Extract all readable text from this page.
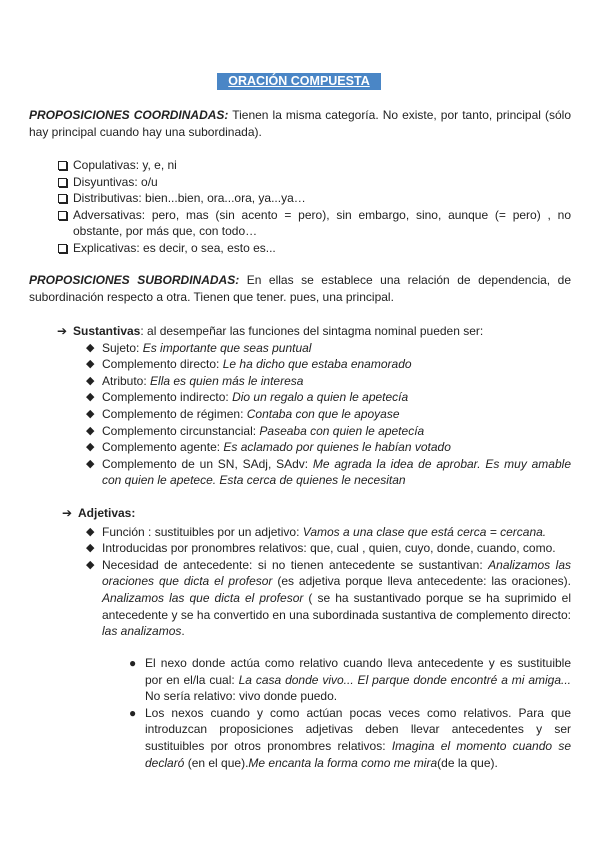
ORACIÓN COMPUESTA
PROPOSICIONES COORDINADAS: Tienen la misma categoría. No existe, por tanto, principal (sólo hay principal cuando hay una subordinada).
Copulativas: y, e, ni
Disyuntivas: o/u
Distributivas: bien...bien, ora...ora, ya...ya…
Adversativas: pero, mas (sin acento = pero), sin embargo, sino, aunque (= pero) , no obstante, por más que, con todo…
Explicativas: es decir, o sea, esto es...
PROPOSICIONES SUBORDINADAS: En ellas se establece una relación de dependencia, de subordinación respecto a otra. Tienen que tener. pues, una principal.
➔ Sustantivas: al desempeñar las funciones del sintagma nominal pueden ser:
◆ Sujeto: Es importante que seas puntual
◆ Complemento directo: Le ha dicho que estaba enamorado
◆ Atributo: Ella es quien más le interesa
◆ Complemento indirecto: Dio un regalo a quien le apetecía
◆ Complemento de régimen: Contaba con que le apoyase
◆ Complemento circunstancial: Paseaba con quien le apetecía
◆ Complemento agente: Es aclamado por quienes le habían votado
◆ Complemento de un SN, SAdj, SAdv: Me agrada la idea de aprobar. Es muy amable con quien le apetece. Esta cerca de quienes le necesitan
➔ Adjetivas:
◆ Función : sustituibles por un adjetivo: Vamos a una clase que está cerca = cercana.
◆ Introducidas por pronombres relativos: que, cual , quien, cuyo, donde, cuando, como.
◆ Necesidad de antecedente: si no tienen antecedente se sustantivan: Analizamos las oraciones que dicta el profesor (es adjetiva porque lleva antecedente: las oraciones). Analizamos las que dicta el profesor ( se ha sustantivado porque se ha suprimido el antecedente y se ha convertido en una subordinada sustantiva de complemento directo: las analizamos.
● El nexo donde actúa como relativo cuando lleva antecedente y es sustituible por en el/la cual: La casa donde vivo... El parque donde encontré a mi amiga... No sería relativo: vivo donde puedo.
● Los nexos cuando y como actúan pocas veces como relativos. Para que introduzcan proposiciones adjetivas deben llevar antecedentes y ser sustituibles por otros pronombres relativos: Imagina el momento cuando se declaró (en el que).Me encanta la forma como me mira(de la que).
